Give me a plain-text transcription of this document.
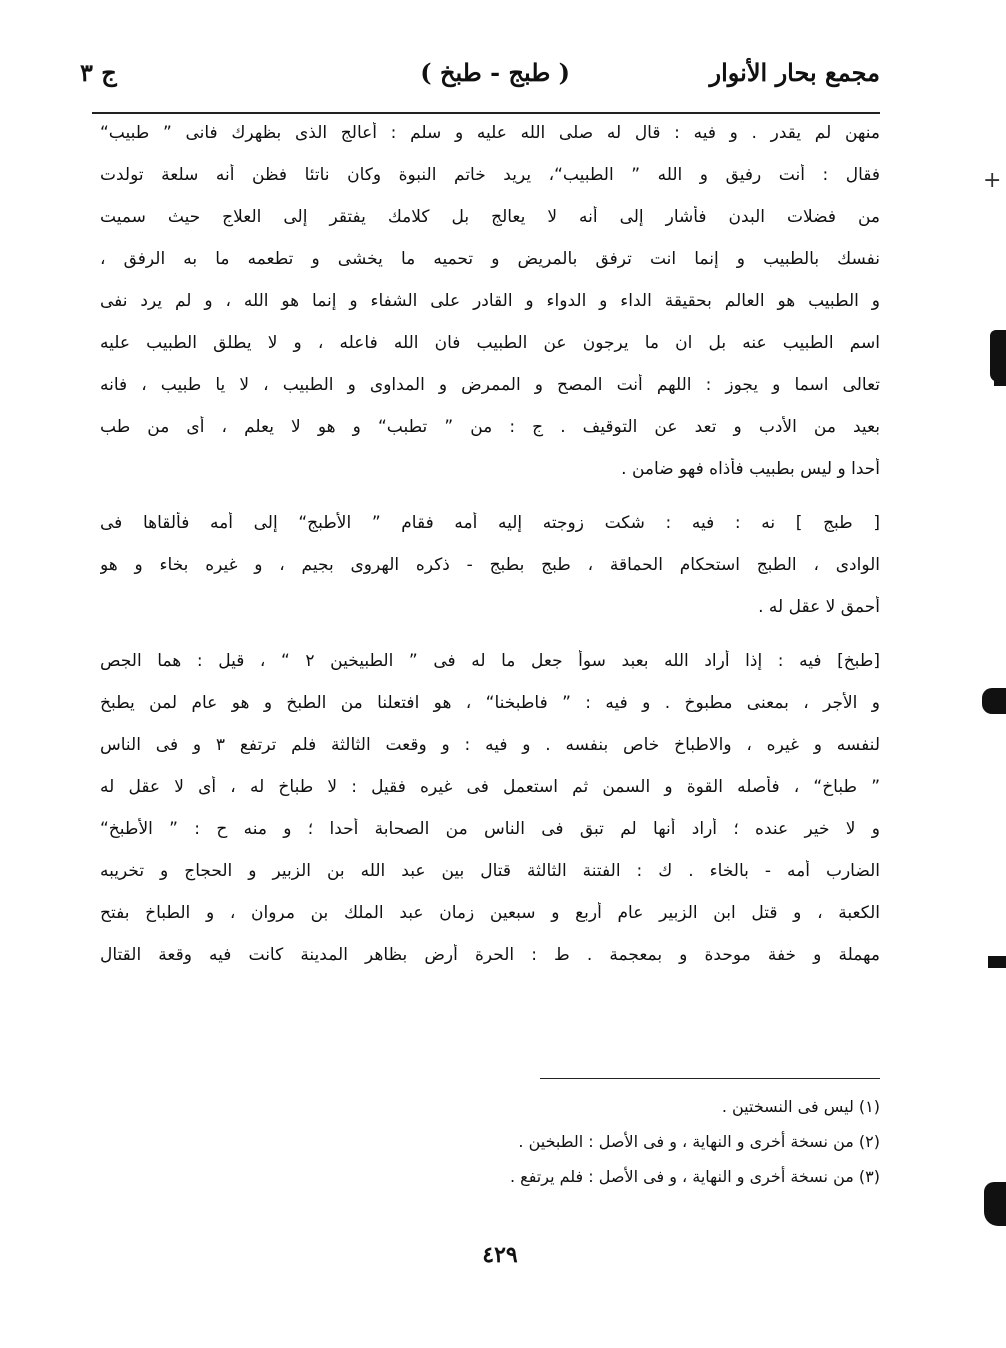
مجمع بحار الأنوار
( طبج - طبخ )
ج ٣
منهن لم يقدر . و فيه : قال له صلى الله عليه و سلم : أعالج الذى بظهرك فانى ” طبيب“
فقال : أنت رفيق و الله ” الطبيب“، يريد خاتم النبوة وكان ناتئا فظن أنه سلعة تولدت
من فضلات البدن فأشار إلى أنه لا يعالج بل كلامك يفتقر إلى العلاج حيث سميت
نفسك بالطبيب و إنما انت ترفق بالمريض و تحميه ما يخشى و تطعمه ما به الرفق ،
و الطبيب هو العالم بحقيقة الداء و الدواء و القادر على الشفاء و إنما هو الله ، و لم يرد نفى
اسم الطبيب عنه بل ان ما يرجون عن الطبيب فان الله فاعله ، و لا يطلق الطبيب عليه
تعالى اسما و يجوز : اللهم أنت المصح و الممرض و المداوى و الطبيب ، لا يا طبيب ، فانه
بعيد من الأدب و تعد عن التوقيف . ج : من ” تطبب“ و هو لا يعلم ، أى من طب
أحدا و ليس بطبيب فأذاه فهو ضامن .
[ طبج ] نه : فيه : شكت زوجته إليه أمه فقام ” الأطبج“ إلى أمه فألقاها فى
الوادى ، الطبج استحكام الحماقة ، طبج بطبج - ذكره الهروى بجيم ، و غيره بخاء و هو
أحمق لا عقل له .
[طبخ] فيه : إذا أراد الله بعبد سوأ جعل ما له فى ” الطبيخين ٢ “ ، قيل : هما الجص
و الأجر ، بمعنى مطبوخ . و فيه : ” فاطبخنا“ ، هو افتعلنا من الطبخ و هو عام لمن يطبخ
لنفسه و غيره ، والاطباخ خاص بنفسه . و فيه : و وقعت الثالثة فلم ترتفع ٣ و فى الناس
” طباخ“ ، فأصله القوة و السمن ثم استعمل فى غيره فقيل : لا طباخ له ، أى لا عقل له
و لا خير عنده ؛ أراد أنها لم تبق فى الناس من الصحابة أحدا ؛ و منه ح : ” الأطبخ“
الضارب أمه - بالخاء . ك : الفتنة الثالثة قتال بين عبد الله بن الزبير و الحجاج و تخريبه
الكعبة ، و قتل ابن الزبير عام أربع و سبعين زمان عبد الملك بن مروان ، و الطباخ بفتح
مهملة و خفة موحدة و بمعجمة . ط : الحرة أرض بظاهر المدينة كانت فيه وقعة القتال
(١) ليس فى النسختين .
(٢) من نسخة أخرى و النهاية ، و فى الأصل : الطبخين .
(٣) من نسخة أخرى و النهاية ، و فى الأصل : فلم يرتفع .
٤٢٩
+
